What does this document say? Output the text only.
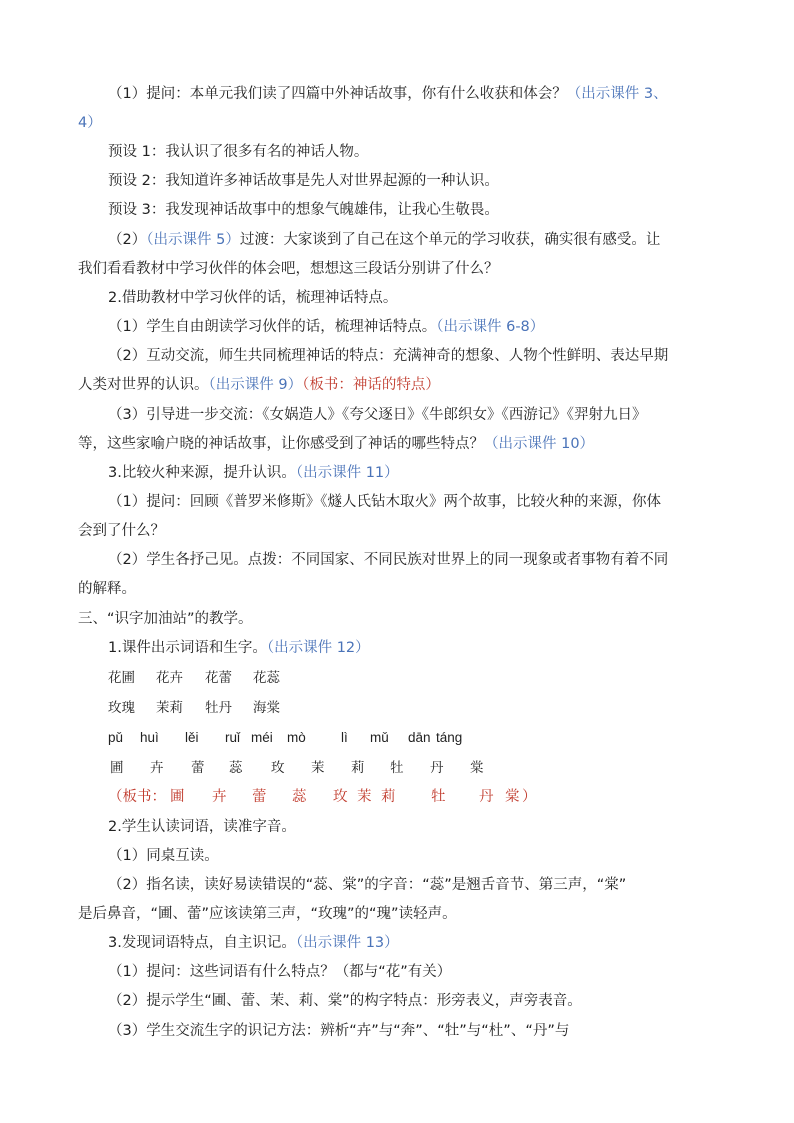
（1）提问：本单元我们读了四篇中外神话故事，你有什么收获和体会？（出示课件 3、
4）
预设 1：我认识了很多有名的神话人物。
预设 2：我知道许多神话故事是先人对世界起源的一种认识。
预设 3：我发现神话故事中的想象气魄雄伟，让我心生敬畏。
（2）（出示课件 5）过渡：大家谈到了自己在这个单元的学习收获，确实很有感受。让
我们看看教材中学习伙伴的体会吧，想想这三段话分别讲了什么？
2.借助教材中学习伙伴的话，梳理神话特点。
（1）学生自由朗读学习伙伴的话，梳理神话特点。（出示课件 6-8）
（2）互动交流，师生共同梳理神话的特点：充满神奇的想象、人物个性鲜明、表达早期
人类对世界的认识。（出示课件 9）（板书：神话的特点）
（3）引导进一步交流：《女娲造人》《夸父逐日》《牛郎织女》《西游记》《羿射九日》
等，这些家喻户晓的神话故事，让你感受到了神话的哪些特点？（出示课件 10）
3.比较火种来源，提升认识。（出示课件 11）
（1）提问：回顾《普罗米修斯》《燧人氏钻木取火》两个故事，比较火种的来源，你体
会到了什么？
（2）学生各抒己见。点拨：不同国家、不同民族对世界上的同一现象或者事物有着不同
的解释。
三、“识字加油站”的教学。
1.课件出示词语和生字。（出示课件 12）
花圃 花卉 花蕾 花蕊
玫瑰 茉莉 牡丹 海棠
pǔ huì lěi ruǐ méi mò	lì mǔ dān táng
圃 卉 蕾 蕊 玫 茉 莉 牡 丹 棠
（板书： 圃 卉 蕾 蕊 玫 茉 莉 牡 丹 棠 ）
2.学生认读词语，读准字音。
（1）同桌互读。
（2）指名读，读好易读错误的“蕊、棠”的字音：“蕊”是翘舌音节、第三声，“棠”
是后鼻音，“圃、蕾”应该读第三声，“玫瑰”的“瑰”读轻声。
3.发现词语特点，自主识记。（出示课件 13）
（1）提问：这些词语有什么特点？（都与“花”有关）
（2）提示学生“圃、蕾、茉、莉、棠”的构字特点：形旁表义，声旁表音。
（3）学生交流生字的识记方法：辨析“卉”与“奔”、“牡”与“杜”、“丹”与
